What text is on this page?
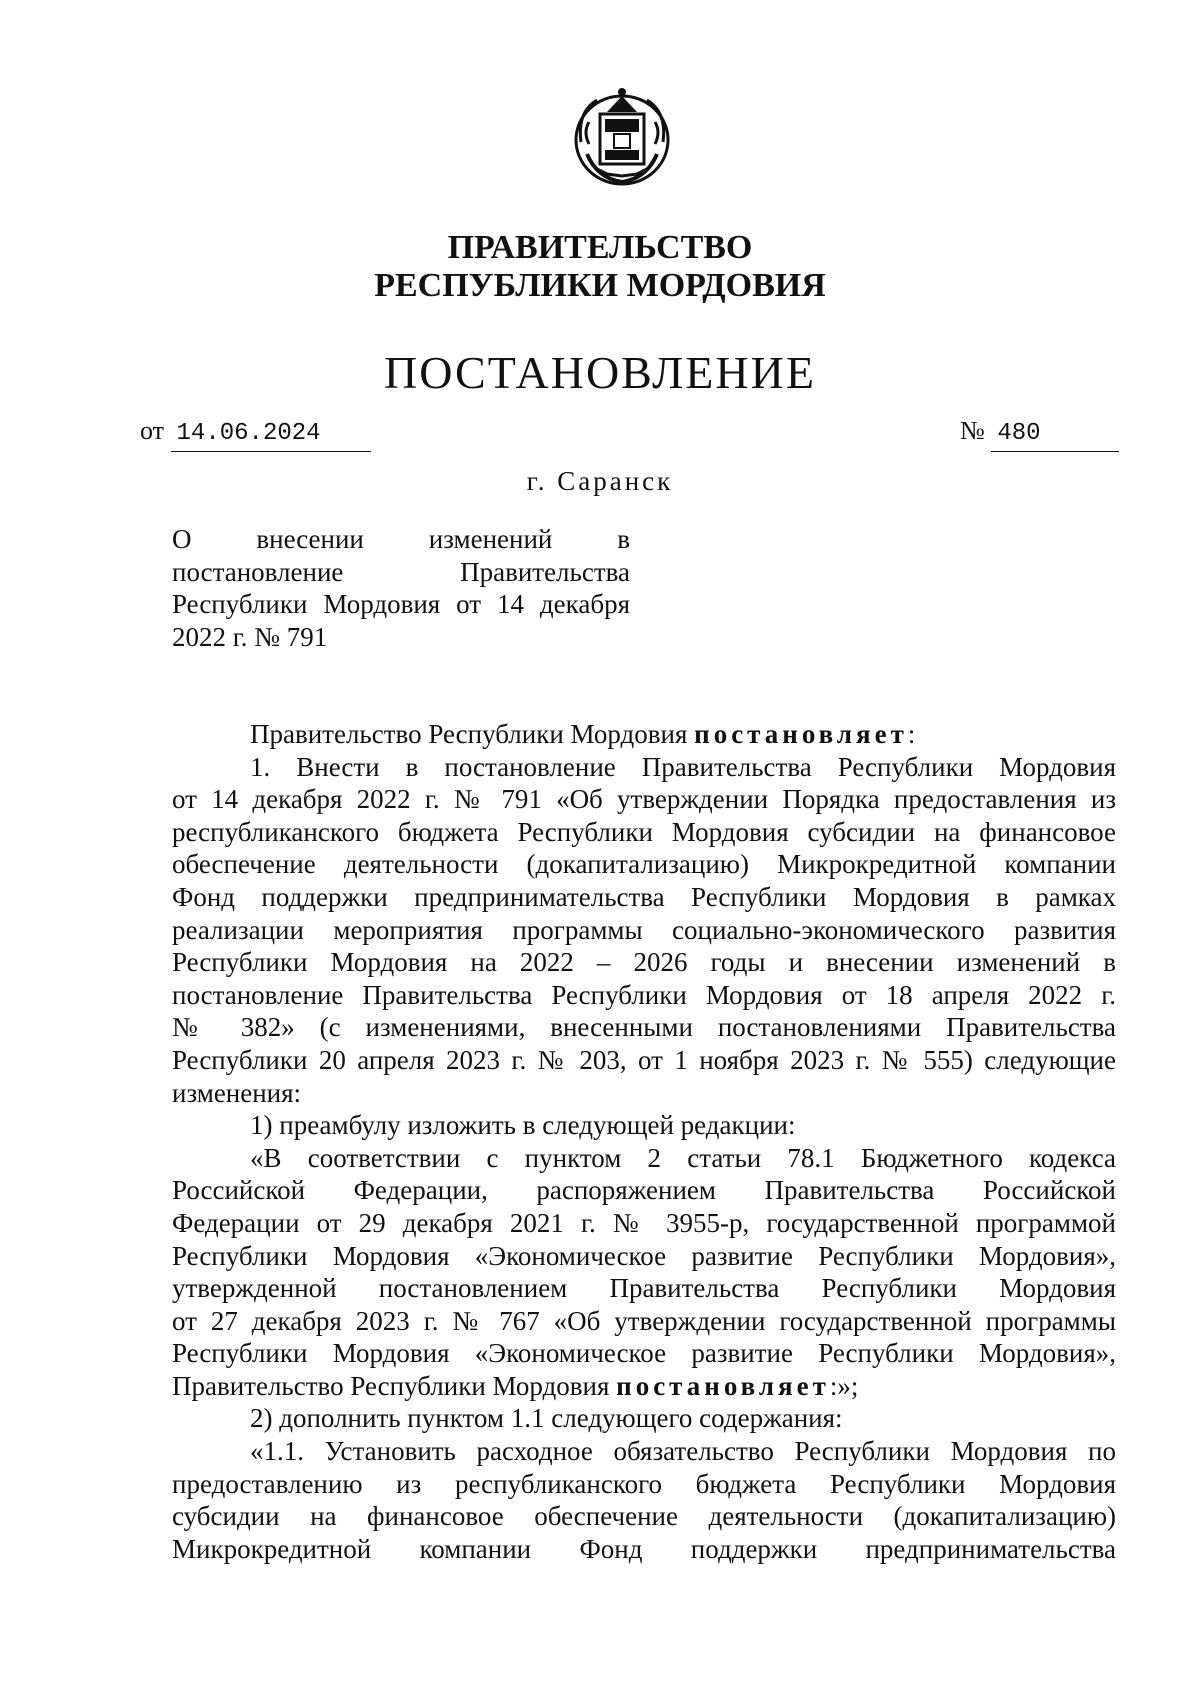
ПРАВИТЕЛЬСТВО
РЕСПУБЛИКИ МОРДОВИЯ
ПОСТАНОВЛЕНИЕ
от 14.06.2024	№ 480
г. Саранск
О внесении изменений в
постановление Правительства
Республики Мордовия от 14 декабря
2022 г. № 791

Правительство Республики Мордовия постановляет:

1. Внести в постановление Правительства Республики Мордовия

от 14 декабря 2022 г. № 791 «Об утверждении Порядка предоставления из

республиканского бюджета Республики Мордовия субсидии на финансовое

обеспечение деятельности (докапитализацию) Микрокредитной компании

Фонд поддержки предпринимательства Республики Мордовия в рамках

реализации мероприятия программы социально-экономического развития

Республики Мордовия на 2022 – 2026 годы и внесении изменений в

постановление Правительства Республики Мордовия от 18 апреля 2022 г.

№ 382» (с изменениями, внесенными постановлениями Правительства

Республики 20 апреля 2023 г. № 203, от 1 ноября 2023 г. № 555) следующие

изменения:

1) преамбулу изложить в следующей редакции:

«В соответствии с пунктом 2 статьи 78.1 Бюджетного кодекса

Российской Федерации, распоряжением Правительства Российской

Федерации от 29 декабря 2021 г. № 3955-р, государственной программой

Республики Мордовия «Экономическое развитие Республики Мордовия»,

утвержденной постановлением Правительства Республики Мордовия

от 27 декабря 2023 г. № 767 «Об утверждении государственной программы

Республики Мордовия «Экономическое развитие Республики Мордовия»,

Правительство Республики Мордовия постановляет:»;

2) дополнить пунктом 1.1 следующего содержания:

«1.1. Установить расходное обязательство Республики Мордовия по

предоставлению из республиканского бюджета Республики Мордовия

субсидии на финансовое обеспечение деятельности (докапитализацию)

Микрокредитной компании Фонд поддержки предпринимательства
